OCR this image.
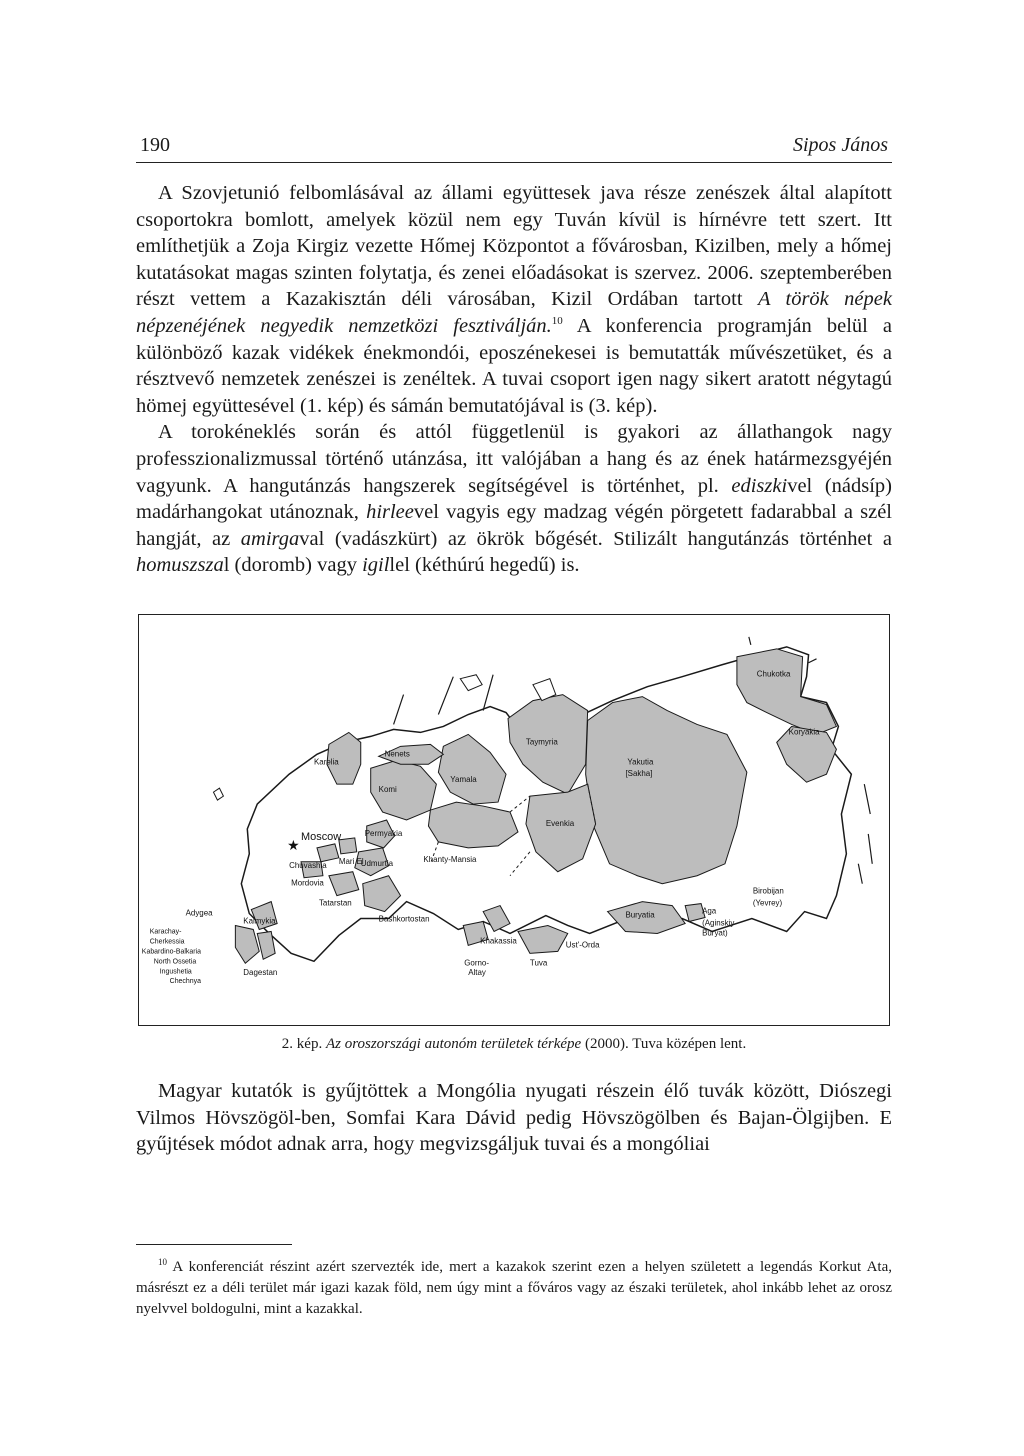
190	Sipos János

A Szovjetunió felbomlásával az állami együttesek java része zenészek által alapított csoportokra bomlott, amelyek közül nem egy Tuván kívül is hírnévre tett szert. Itt említhetjük a Zoja Kirgiz vezette Hőmej Központot a fővárosban, Kizilben, mely a hőmej kutatásokat magas szinten folytatja, és zenei előadásokat is szervez. 2006. szeptemberében részt vettem a Kazakisztán déli városában, Kizil Ordában tartott A török népek népzenéjének negyedik nemzetközi fesztiválján.$^{10}$ A konferencia programján belül a különböző kazak vidékek énekmondói, eposzénekesei is bemutatták művészetüket, és a résztvevő nemzetek zenészei is zenéltek. A tuvai csoport igen nagy sikert aratott négytagú hömej együttesével (1. kép) és sámán bemutatójával is (3. kép).

A torokéneklés során és attól függetlenül is gyakori az állathangok nagy professzionalizmussal történő utánzása, itt valójában a hang és az ének határmezsgyéjén vagyunk. A hangutánzás hangszerek segítségével is történhet, pl. ediszkivel (nádsíp) madárhangokat utánoznak, hirleevel vagyis egy madzag végén pörgetett fadarabbal a szél hangját, az amirgaval (vadászkürt) az ökrök bőgését. Stilizált hangutánzás történhet a homuszszal (doromb) vagy igillel (kéthúrú hegedű) is.

★ Moscow
Karelia
Nenets
Komi
Yamala
Taymyria
Evenkia
Yakutia
[Sakha]
Chukotka
Koryakia
Chuvashia Mari El
Permyakia
Mordovia
Udmurtia	Khanty-Mansia
Tatarstan
Bashkortostan
Adygea
Karachay-
Cherkessia
Kabardino-Balkaria
North Ossetia
Ingushetia
Chechnya
Kalmykia
Dagestan
Khakassia
Gorno-
Altay
Tuva
Ust'-Orda
Buryatia	Aga
(Aginskiy
Buryat)
Birobijan
(Yevrey)
2. kép. Az oroszországi autonóm területek térképe (2000). Tuva középen lent.

Magyar kutatók is gyűjtöttek a Mongólia nyugati részein élő tuvák között, Diószegi Vilmos Hövszögöl-ben, Somfai Kara Dávid pedig Hövszögölben és Bajan-Ölgijben. E gyűjtések módot adnak arra, hogy megvizsgáljuk tuvai és a mongóliai

$^{10}$ A konferenciát részint azért szervezték ide, mert a kazakok szerint ezen a helyen született a legendás Korkut Ata, másrészt ez a déli terület már igazi kazak föld, nem úgy mint a főváros vagy az északi területek, ahol inkább lehet az orosz nyelvvel boldogulni, mint a kazakkal.
